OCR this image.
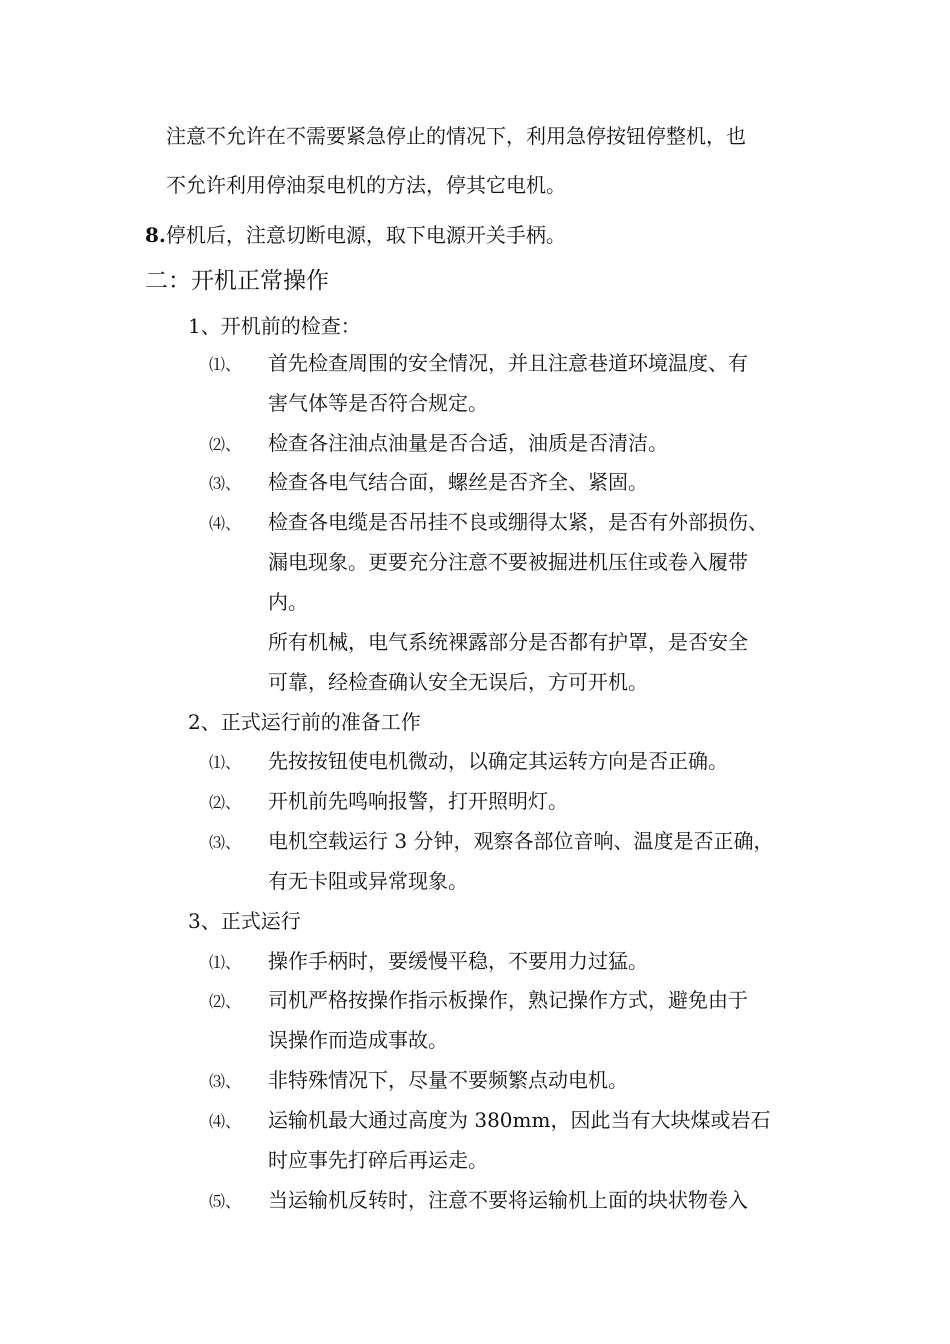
注意不允许在不需要紧急停止的情况下，利用急停按钮停整机，也
不允许利用停油泵电机的方法，停其它电机。
8.停机后，注意切断电源，取下电源开关手柄。
二：开机正常操作
1、开机前的检查：
⑴、 首先检查周围的安全情况，并且注意巷道环境温度、有
害气体等是否符合规定。
⑵、 检查各注油点油量是否合适，油质是否清洁。
⑶、 检查各电气结合面，螺丝是否齐全、紧固。
⑷、 检查各电缆是否吊挂不良或绷得太紧，是否有外部损伤、
漏电现象。更要充分注意不要被掘进机压住或卷入履带
内。
所有机械，电气系统裸露部分是否都有护罩，是否安全
可靠，经检查确认安全无误后，方可开机。
2、正式运行前的准备工作
⑴、 先按按钮使电机微动，以确定其运转方向是否正确。
⑵、 开机前先鸣响报警，打开照明灯。
⑶、 电机空载运行 3 分钟，观察各部位音响、温度是否正确，
有无卡阻或异常现象。
3、正式运行
⑴、 操作手柄时，要缓慢平稳，不要用力过猛。
⑵、 司机严格按操作指示板操作，熟记操作方式，避免由于
误操作而造成事故。
⑶、 非特殊情况下，尽量不要频繁点动电机。
⑷、 运输机最大通过高度为 380mm，因此当有大块煤或岩石
时应事先打碎后再运走。
⑸、 当运输机反转时，注意不要将运输机上面的块状物卷入
